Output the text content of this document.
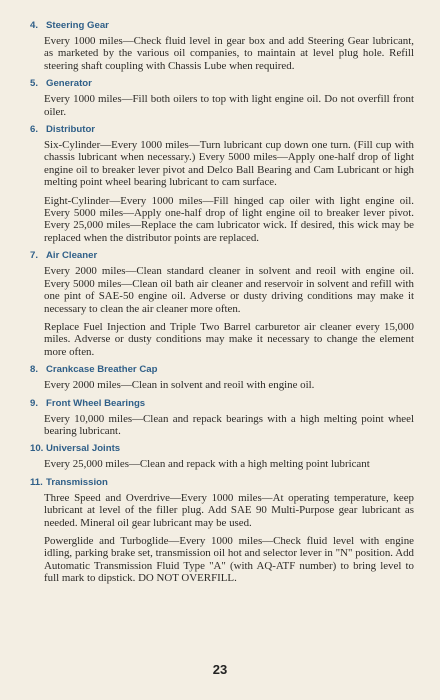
4. Steering Gear

Every 1000 miles—Check fluid level in gear box and add Steering Gear lubricant, as marketed by the various oil companies, to maintain at level plug hole. Refill steering shaft coupling with Chassis Lube when required.

5. Generator

Every 1000 miles—Fill both oilers to top with light engine oil. Do not overfill front oiler.

6. Distributor

Six-Cylinder—Every 1000 miles—Turn lubricant cup down one turn. (Fill cup with chassis lubricant when necessary.) Every 5000 miles—Apply one-half drop of light engine oil to breaker lever pivot and Delco Ball Bearing and Cam Lubricant or high melting point wheel bearing lubricant to cam surface.

Eight-Cylinder—Every 1000 miles—Fill hinged cap oiler with light engine oil. Every 5000 miles—Apply one-half drop of light engine oil to breaker lever pivot. Every 25,000 miles—Replace the cam lubricator wick. If desired, this wick may be replaced when the distributor points are replaced.

7. Air Cleaner

Every 2000 miles—Clean standard cleaner in solvent and reoil with engine oil. Every 5000 miles—Clean oil bath air cleaner and reservoir in solvent and refill with one pint of SAE-50 engine oil. Adverse or dusty driving conditions may make it necessary to clean the air cleaner more often.

Replace Fuel Injection and Triple Two Barrel carburetor air cleaner every 15,000 miles. Adverse or dusty conditions may make it necessary to change the element more often.

8. Crankcase Breather Cap

Every 2000 miles—Clean in solvent and reoil with engine oil.

9. Front Wheel Bearings

Every 10,000 miles—Clean and repack bearings with a high melting point wheel bearing lubricant.

10. Universal Joints

Every 25,000 miles—Clean and repack with a high melting point lubricant

11. Transmission

Three Speed and Overdrive—Every 1000 miles—At operating temperature, keep lubricant at level of the filler plug. Add SAE 90 Multi-Purpose gear lubricant as needed. Mineral oil gear lubricant may be used.

Powerglide and Turboglide—Every 1000 miles—Check fluid level with engine idling, parking brake set, transmission oil hot and selector lever in "N" position. Add Automatic Transmission Fluid Type "A" (with AQ-ATF number) to bring level to full mark to dipstick. DO NOT OVERFILL.

23
